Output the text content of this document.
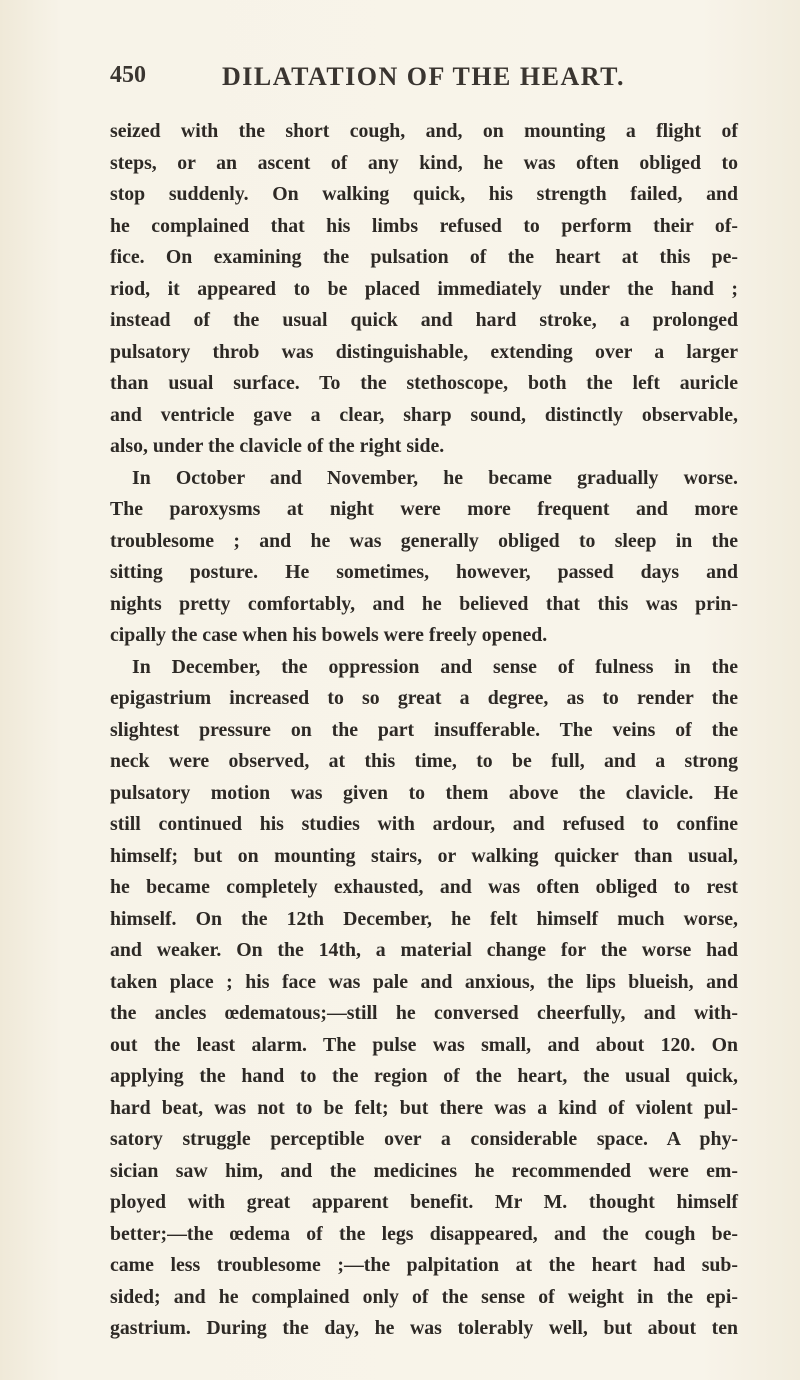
450	DILATATION OF THE HEART.
seized with the short cough, and, on mounting a flight of
steps, or an ascent of any kind, he was often obliged to
stop suddenly. On walking quick, his strength failed, and
he complained that his limbs refused to perform their of-
fice. On examining the pulsation of the heart at this pe-
riod, it appeared to be placed immediately under the hand ;
instead of the usual quick and hard stroke, a prolonged
pulsatory throb was distinguishable, extending over a larger
than usual surface. To the stethoscope, both the left auricle
and ventricle gave a clear, sharp sound, distinctly observable,
also, under the clavicle of the right side.
In October and November, he became gradually worse.
The paroxysms at night were more frequent and more
troublesome ; and he was generally obliged to sleep in the
sitting posture. He sometimes, however, passed days and
nights pretty comfortably, and he believed that this was prin-
cipally the case when his bowels were freely opened.
In December, the oppression and sense of fulness in the
epigastrium increased to so great a degree, as to render the
slightest pressure on the part insufferable. The veins of the
neck were observed, at this time, to be full, and a strong
pulsatory motion was given to them above the clavicle. He
still continued his studies with ardour, and refused to confine
himself; but on mounting stairs, or walking quicker than usual,
he became completely exhausted, and was often obliged to rest
himself. On the 12th December, he felt himself much worse,
and weaker. On the 14th, a material change for the worse had
taken place ; his face was pale and anxious, the lips blueish, and
the ancles œdematous;—still he conversed cheerfully, and with-
out the least alarm. The pulse was small, and about 120. On
applying the hand to the region of the heart, the usual quick,
hard beat, was not to be felt; but there was a kind of violent pul-
satory struggle perceptible over a considerable space. A phy-
sician saw him, and the medicines he recommended were em-
ployed with great apparent benefit. Mr M. thought himself
better;—the œdema of the legs disappeared, and the cough be-
came less troublesome ;—the palpitation at the heart had sub-
sided; and he complained only of the sense of weight in the epi-
gastrium. During the day, he was tolerably well, but about ten
